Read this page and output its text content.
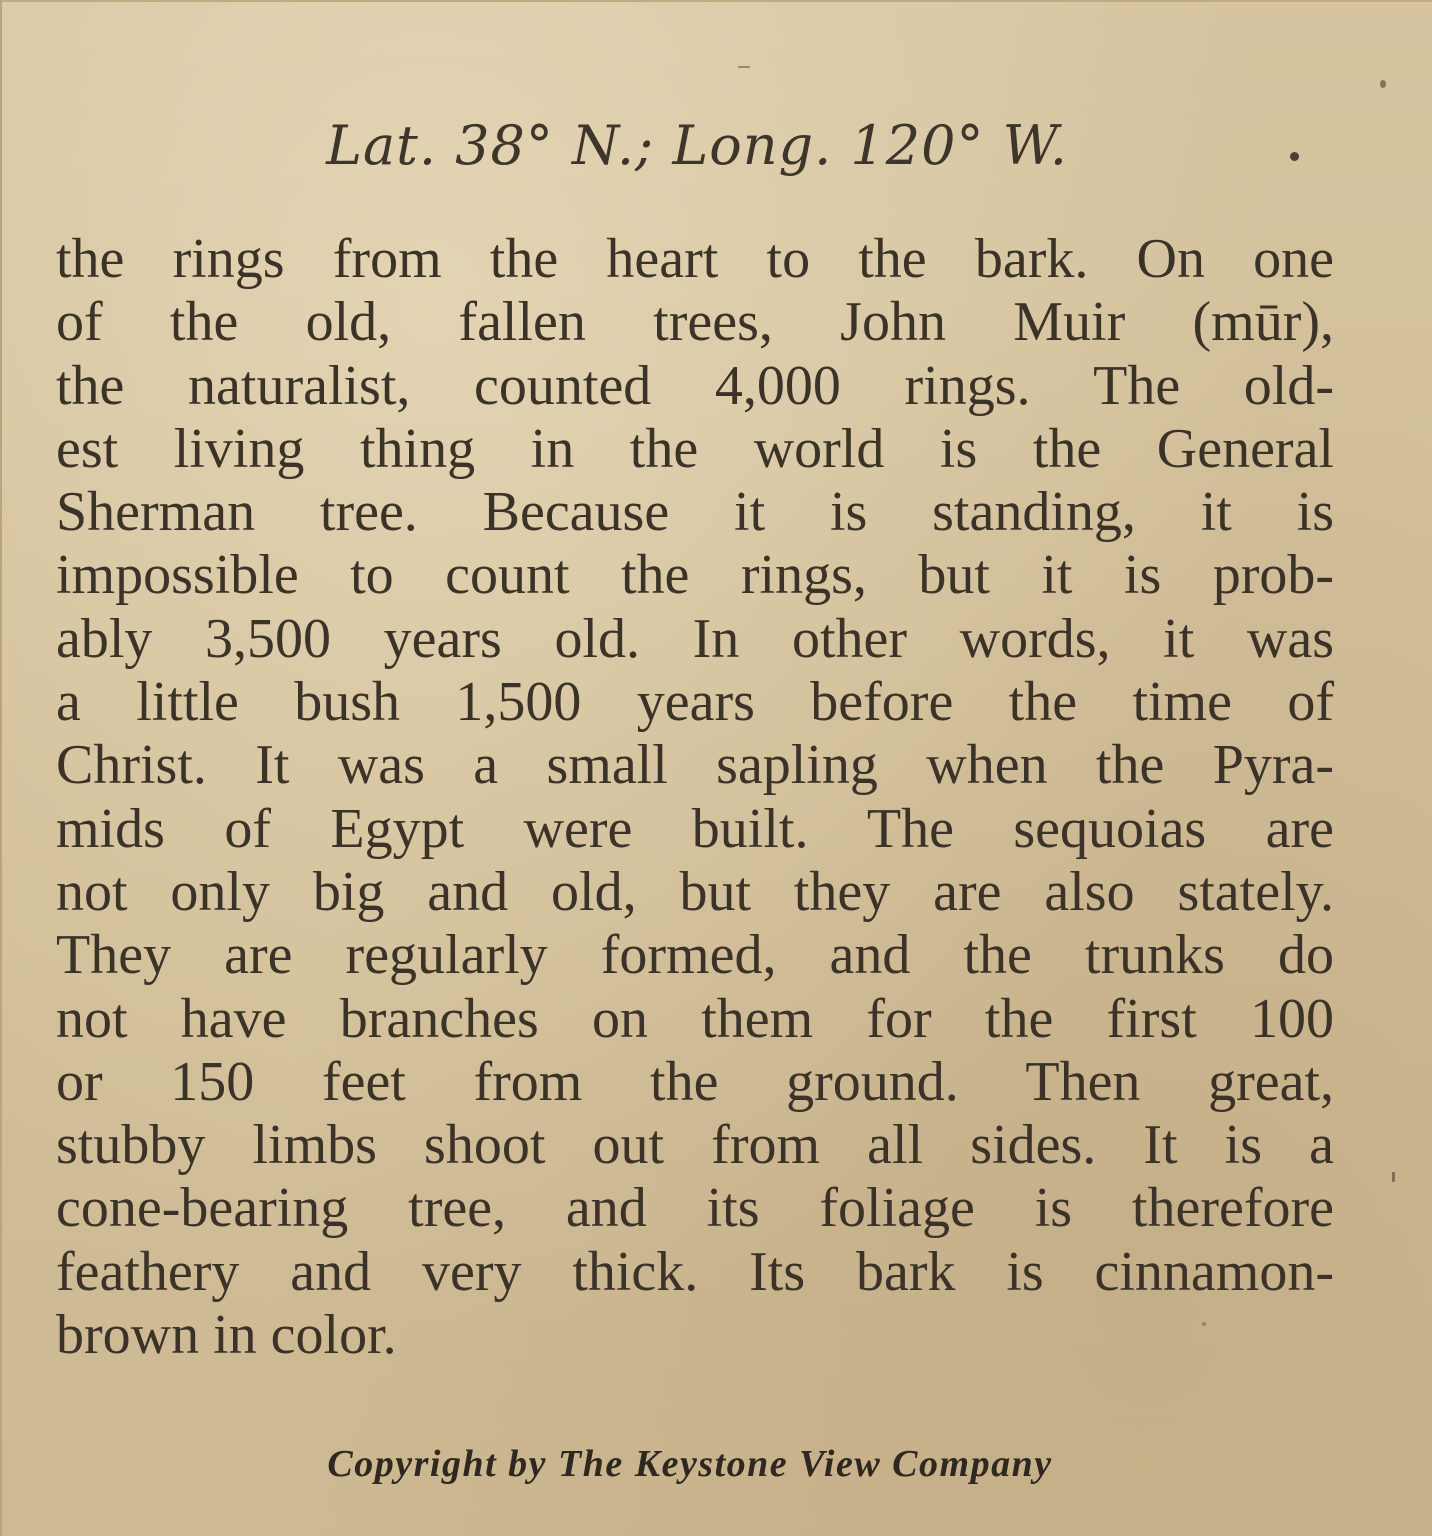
Lat. 38° N.; Long. 120° W.
the rings from the heart to the bark. On one
of the old, fallen trees, John Muir (mūr),
the naturalist, counted 4,000 rings. The old-
est living thing in the world is the General
Sherman tree. Because it is standing, it is
impossible to count the rings, but it is prob-
ably 3,500 years old. In other words, it was
a little bush 1,500 years before the time of
Christ. It was a small sapling when the Pyra-
mids of Egypt were built. The sequoias are
not only big and old, but they are also stately.
They are regularly formed, and the trunks do
not have branches on them for the first 100
or 150 feet from the ground. Then great,
stubby limbs shoot out from all sides. It is a
cone-bearing tree, and its foliage is therefore
feathery and very thick. Its bark is cinnamon-
brown in color.
Copyright by The Keystone View Company
